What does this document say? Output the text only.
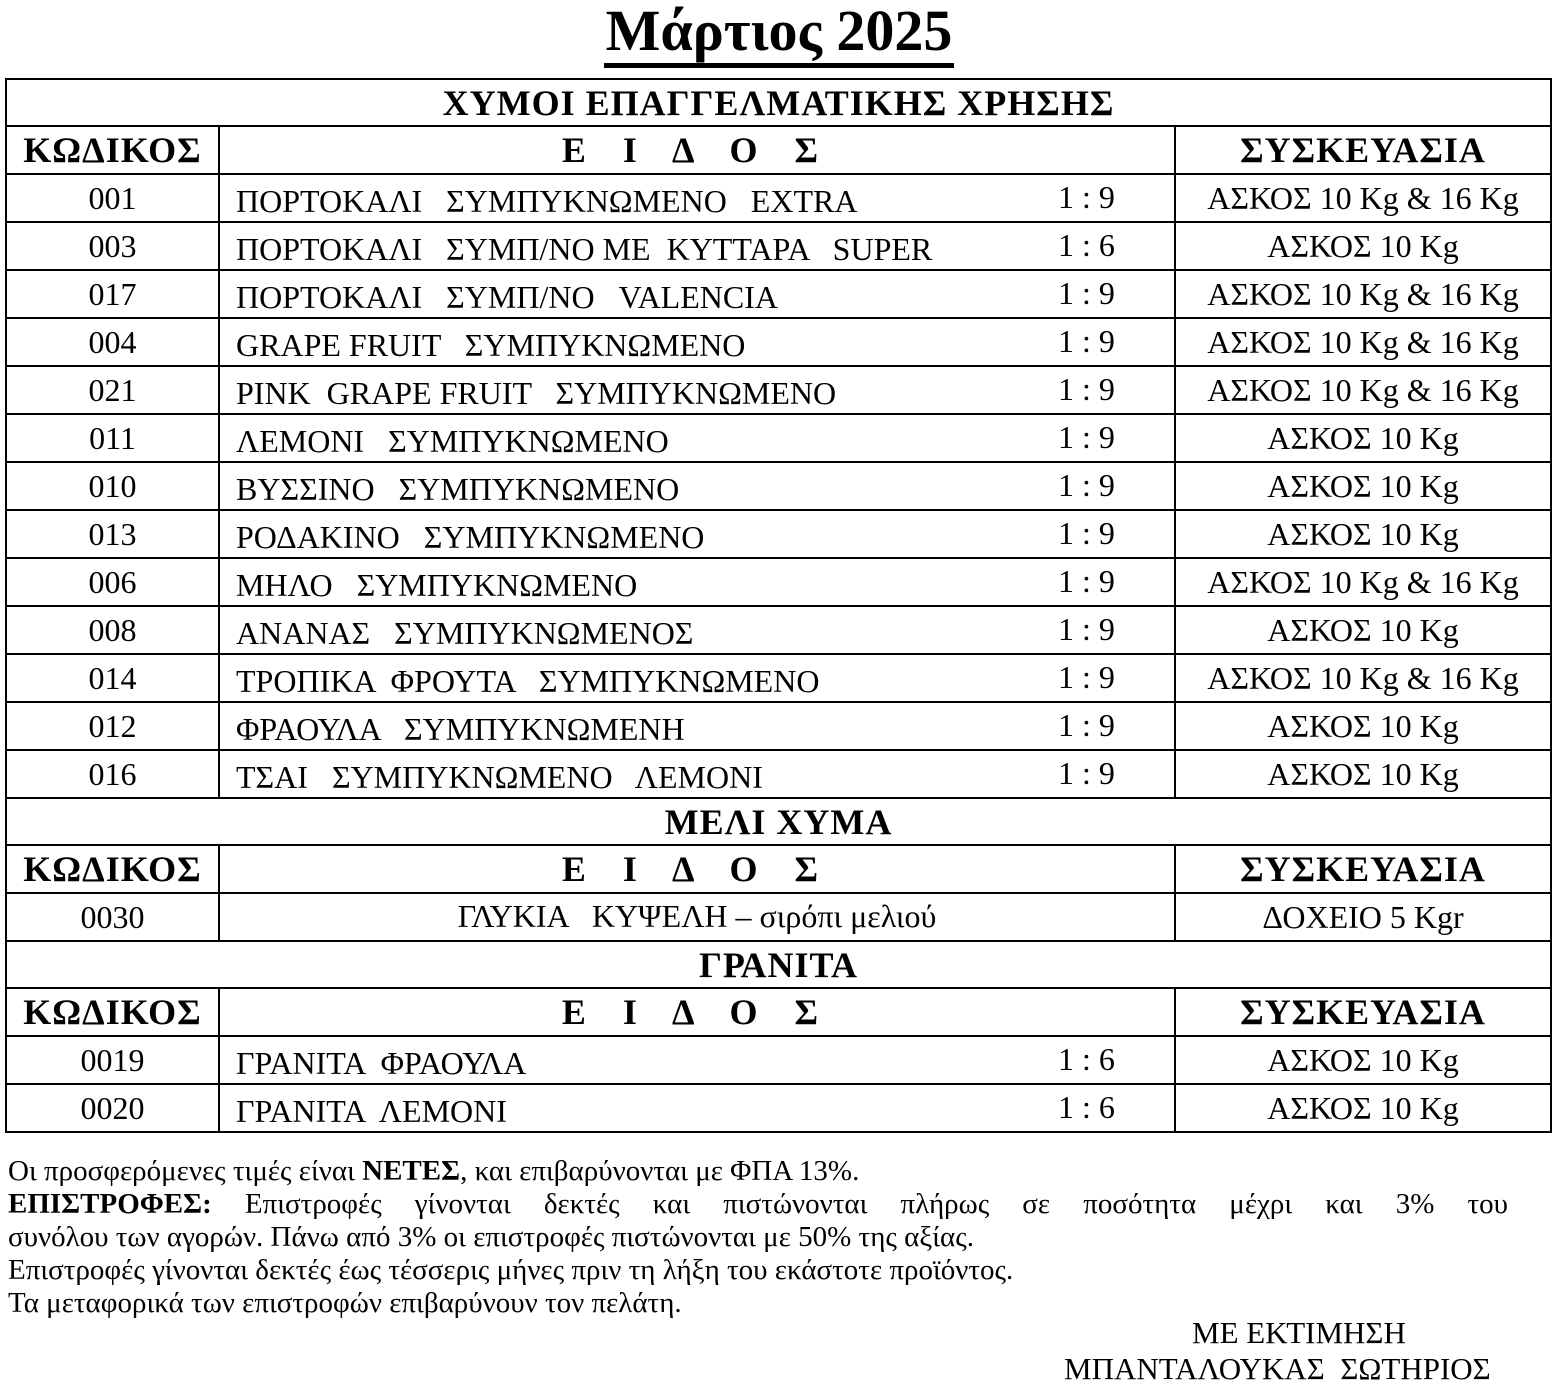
Μάρτιος 2025
ΧΥΜΟΙ ΕΠΑΓΓΕΛΜΑΤΙΚΗΣ ΧΡΗΣΗΣ		
ΚΩΔΙΚΟΣ	Ε Ι Δ Ο Σ	ΣΥΣΚΕΥΑΣΙΑ
001	ΠΟΡΤΟΚΑΛΙ   ΣΥΜΠΥΚΝΩΜΕΝΟ   EXTRA 1 : 9	ΑΣΚΟΣ 10 Kg & 16 Kg
003	ΠΟΡΤΟΚΑΛΙ   ΣΥΜΠ/ΝΟ ΜΕ  ΚΥΤΤΑΡΑ   SUPER 1 : 6	ΑΣΚΟΣ 10 Kg
017	ΠΟΡΤΟΚΑΛΙ   ΣΥΜΠ/ΝΟ   VALENCIA 1 : 9	ΑΣΚΟΣ 10 Kg & 16 Kg
004	GRAPE FRUIT   ΣΥΜΠΥΚΝΩΜΕΝΟ 1 : 9	ΑΣΚΟΣ 10 Kg & 16 Kg
021	PINK  GRAPE FRUIT   ΣΥΜΠΥΚΝΩΜΕΝΟ 1 : 9	ΑΣΚΟΣ 10 Kg & 16 Kg
011	ΛΕΜΟΝΙ   ΣΥΜΠΥΚΝΩΜΕΝΟ 1 : 9	ΑΣΚΟΣ 10 Kg
010	ΒΥΣΣΙΝΟ   ΣΥΜΠΥΚΝΩΜΕΝΟ 1 : 9	ΑΣΚΟΣ 10 Kg
013	ΡΟΔΑΚΙΝΟ   ΣΥΜΠΥΚΝΩΜΕΝΟ 1 : 9	ΑΣΚΟΣ 10 Kg
006	ΜΗΛΟ   ΣΥΜΠΥΚΝΩΜΕΝΟ 1 : 9	ΑΣΚΟΣ 10 Kg & 16 Kg
008	ΑΝΑΝΑΣ   ΣΥΜΠΥΚΝΩΜΕΝΟΣ 1 : 9	ΑΣΚΟΣ 10 Kg
014	ΤΡΟΠΙΚΑ  ΦΡΟΥΤΑ   ΣΥΜΠΥΚΝΩΜΕΝΟ 1 : 9	ΑΣΚΟΣ 10 Kg & 16 Kg
012	ΦΡΑΟΥΛΑ   ΣΥΜΠΥΚΝΩΜΕΝΗ 1 : 9	ΑΣΚΟΣ 10 Kg
016	ΤΣΑΙ   ΣΥΜΠΥΚΝΩΜΕΝΟ   ΛΕΜΟΝΙ 1 : 9	ΑΣΚΟΣ 10 Kg
ΜΕΛΙ ΧΥΜΑ		
ΚΩΔΙΚΟΣ	Ε Ι Δ Ο Σ	ΣΥΣΚΕΥΑΣΙΑ
0030	ΓΛΥΚΙΑ   ΚΥΨΕΛΗ – σιρόπι μελιού	ΔΟΧΕΙΟ 5 Kgr
ΓΡΑΝΙΤΑ		
ΚΩΔΙΚΟΣ	Ε Ι Δ Ο Σ	ΣΥΣΚΕΥΑΣΙΑ
0019	ΓΡΑΝΙΤΑ  ΦΡΑΟΥΛΑ 1 : 6	ΑΣΚΟΣ 10 Kg
0020	ΓΡΑΝΙΤΑ  ΛΕΜΟΝΙ 1 : 6	ΑΣΚΟΣ 10 Kg

Οι προσφερόμενες τιμές είναι ΝΕΤΕΣ, και επιβαρύνονται με ΦΠΑ 13%.

ΕΠΙΣΤΡΟΦΕΣ: Επιστροφές γίνονται δεκτές και πιστώνονται πλήρως σε ποσότητα μέχρι και 3% του

συνόλου των αγορών. Πάνω από 3% οι επιστροφές πιστώνονται με 50% της αξίας.

Επιστροφές γίνονται δεκτές έως τέσσερις μήνες πριν τη λήξη του εκάστοτε προϊόντος.

Τα μεταφορικά των επιστροφών επιβαρύνουν τον πελάτη.

ΜΕ ΕΚΤΙΜΗΣΗ
ΜΠΑΝΤΑΛΟΥΚΑΣ  ΣΩΤΗΡΙΟΣ
